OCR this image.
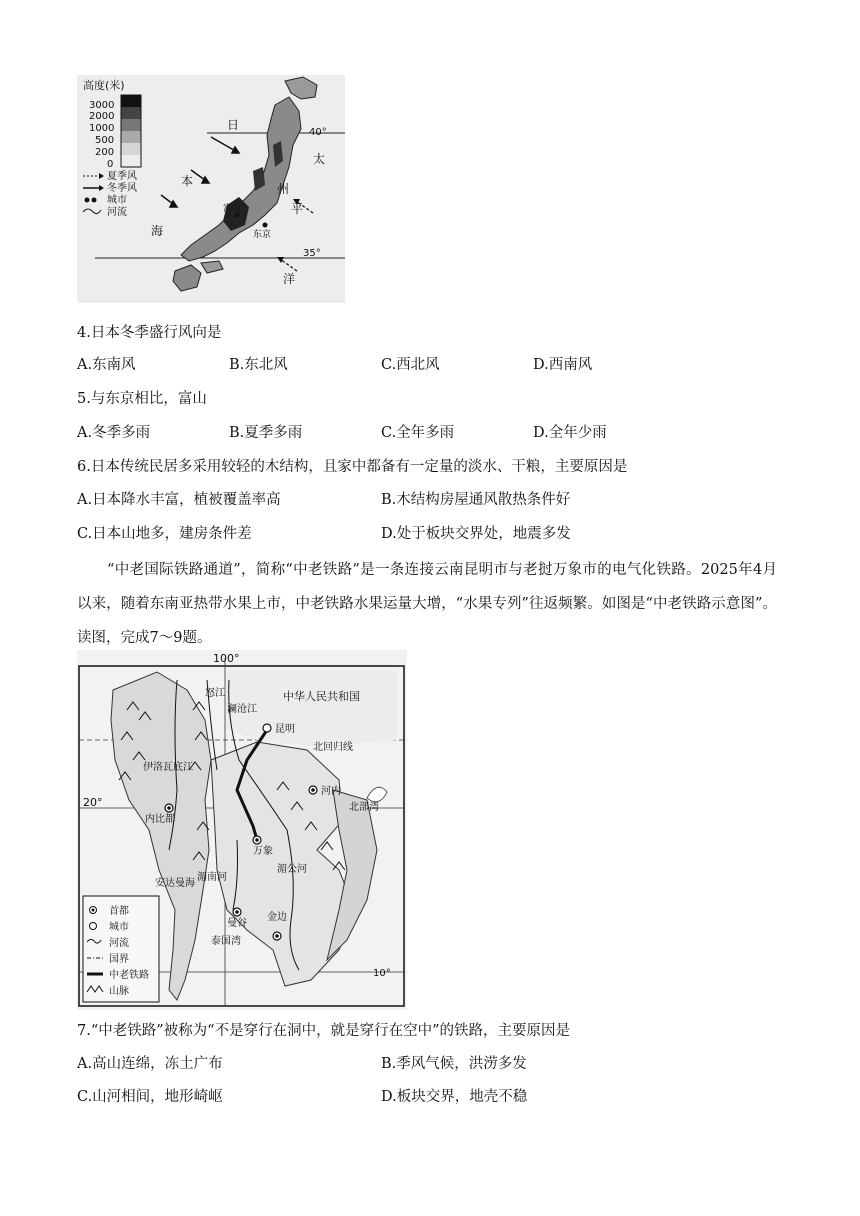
高度(米)
3000
2000
1000
500
200
0
夏季风
冬季风
城市
河流
40°
35°
日
本
海
太
平
洋
州
富山
东京
4.日本冬季盛行风向是
A.东南风	B.东北风	C.西北风	D.西南风
5.与东京相比，富山
A.冬季多雨	B.夏季多雨	C.全年多雨	D.全年少雨
6.日本传统民居多采用较轻的木结构，且家中都备有一定量的淡水、干粮，主要原因是
A.日本降水丰富，植被覆盖率高	B.木结构房屋通风散热条件好
C.日本山地多，建房条件差	D.处于板块交界处，地震多发
“中老国际铁路通道”，简称“中老铁路”是一条连接云南昆明市与老挝万象市的电气化铁路。2025年4月以来，随着东南亚热带水果上市，中老铁路水果运量大增，“水果专列”往返频繁。如图是“中老铁路示意图”。读图，完成7～9题。
100°
20°
10°
中华人民共和国
昆明
北回归线
河内
北部湾
内比都
万象
曼谷
金边
泰国湾
安达曼海
湄公河
湄南河
澜沧江
怒江
伊洛瓦底江
首都
城市
河流
国界
中老铁路
山脉
7.“中老铁路”被称为“不是穿行在洞中，就是穿行在空中”的铁路，主要原因是
A.高山连绵，冻土广布	B.季风气候，洪涝多发
C.山河相间，地形崎岖	D.板块交界，地壳不稳
